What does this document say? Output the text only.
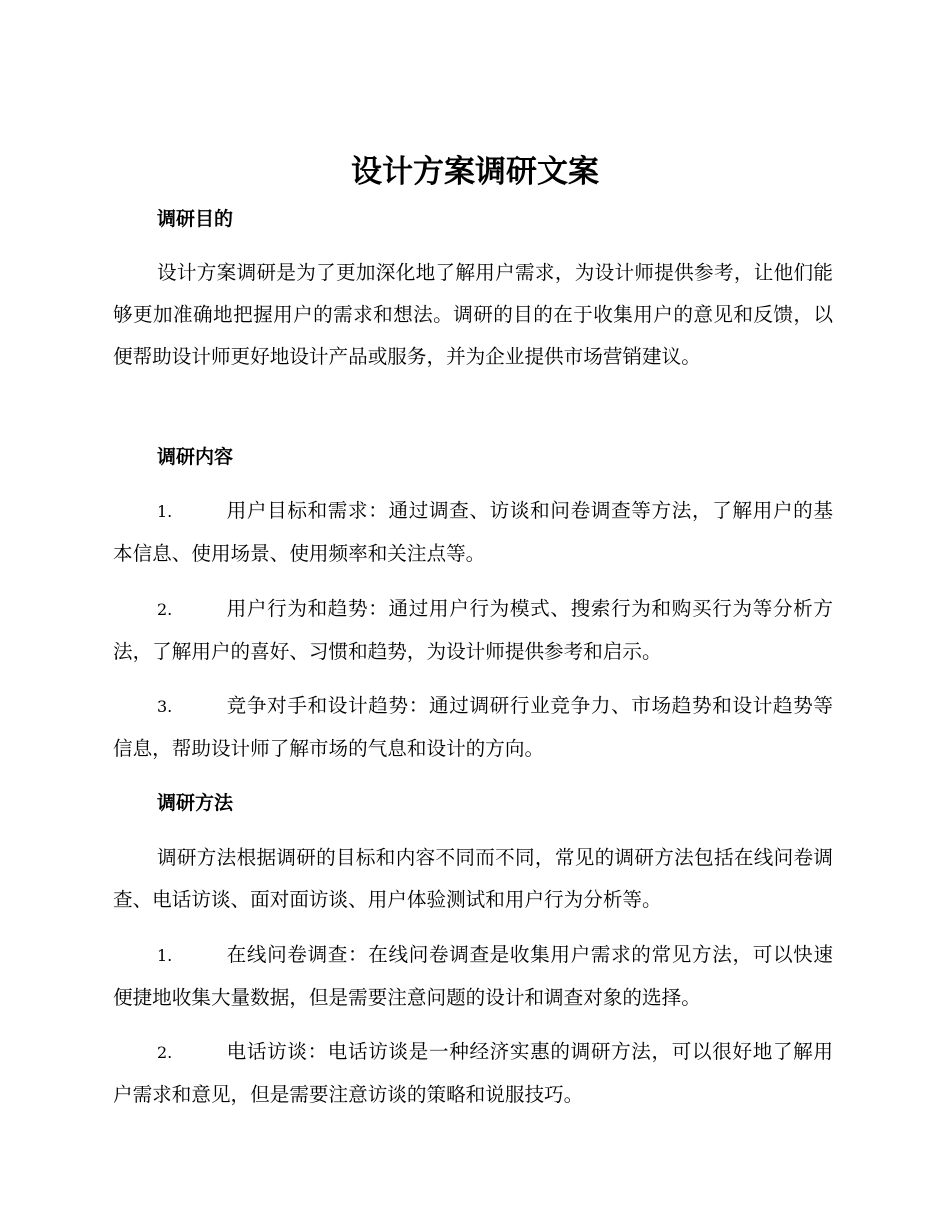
设计方案调研文案
调研目的

设计方案调研是为了更加深化地了解用户需求，为设计师提供参考，让他们能够更加准确地把握用户的需求和想法。调研的目的在于收集用户的意见和反馈，以便帮助设计师更好地设计产品或服务，并为企业提供市场营销建议。

调研内容

1.	用户目标和需求：通过调查、访谈和问卷调查等方法，了解用户的基本信息、使用场景、使用频率和关注点等。

2.	用户行为和趋势：通过用户行为模式、搜索行为和购买行为等分析方法，了解用户的喜好、习惯和趋势，为设计师提供参考和启示。

3.	竞争对手和设计趋势：通过调研行业竞争力、市场趋势和设计趋势等信息，帮助设计师了解市场的气息和设计的方向。

调研方法

调研方法根据调研的目标和内容不同而不同，常见的调研方法包括在线问卷调查、电话访谈、面对面访谈、用户体验测试和用户行为分析等。

1.	在线问卷调查：在线问卷调查是收集用户需求的常见方法，可以快速便捷地收集大量数据，但是需要注意问题的设计和调查对象的选择。

2.	电话访谈：电话访谈是一种经济实惠的调研方法，可以很好地了解用户需求和意见，但是需要注意访谈的策略和说服技巧。
